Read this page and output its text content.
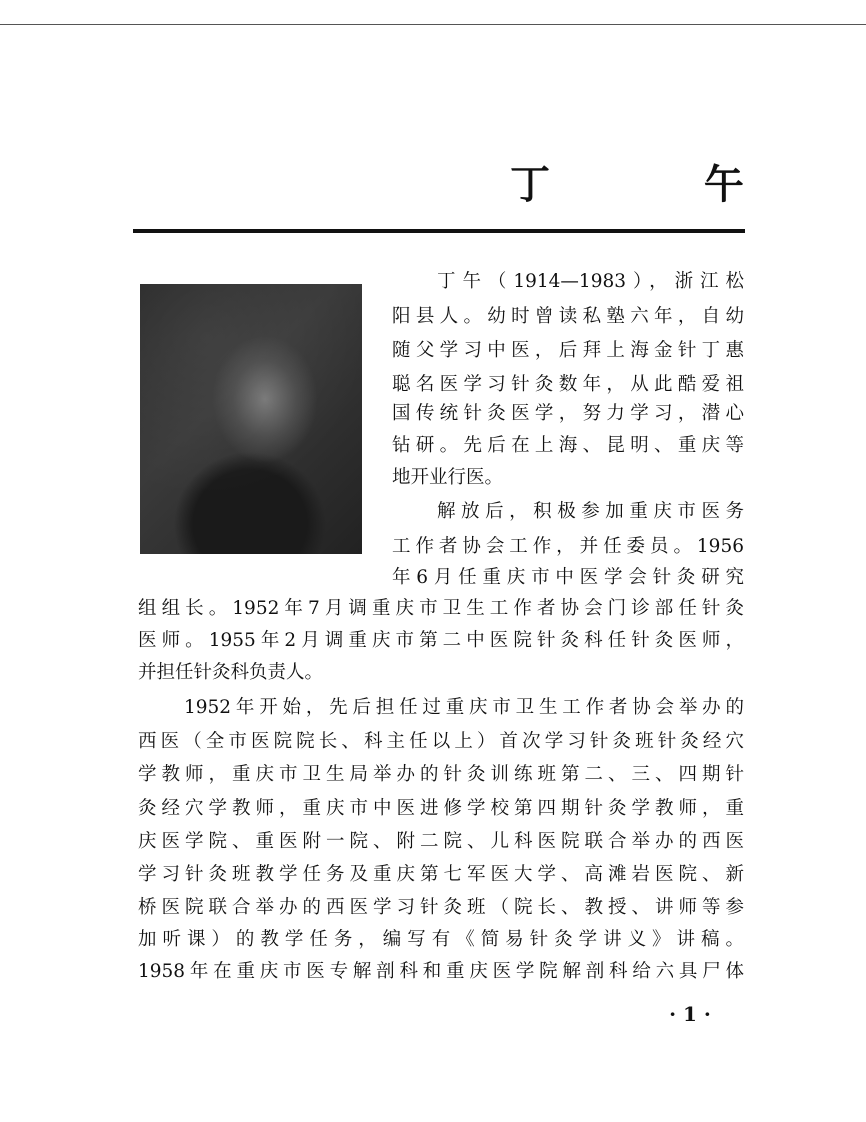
丁 午
丁午（1914—1983），浙江松
阳县人。幼时曾读私塾六年，自幼
随父学习中医，后拜上海金针丁惠
聪名医学习针灸数年，从此酷爱祖
国传统针灸医学，努力学习，潜心
钻研。先后在上海、昆明、重庆等
地开业行医。
解放后，积极参加重庆市医务
工作者协会工作，并任委员。1956
年6月任重庆市中医学会针灸研究
组组长。1952年7月调重庆市卫生工作者协会门诊部任针灸
医师。1955年2月调重庆市第二中医院针灸科任针灸医师，
并担任针灸科负责人。
1952年开始，先后担任过重庆市卫生工作者协会举办的
西医（全市医院院长、科主任以上）首次学习针灸班针灸经穴
学教师，重庆市卫生局举办的针灸训练班第二、三、四期针
灸经穴学教师，重庆市中医进修学校第四期针灸学教师，重
庆医学院、重医附一院、附二院、儿科医院联合举办的西医
学习针灸班教学任务及重庆第七军医大学、高滩岩医院、新
桥医院联合举办的西医学习针灸班（院长、教授、讲师等参
加听课）的教学任务，编写有《简易针灸学讲义》讲稿。
1958年在重庆市医专解剖科和重庆医学院解剖科给六具尸体
· 1 ·
